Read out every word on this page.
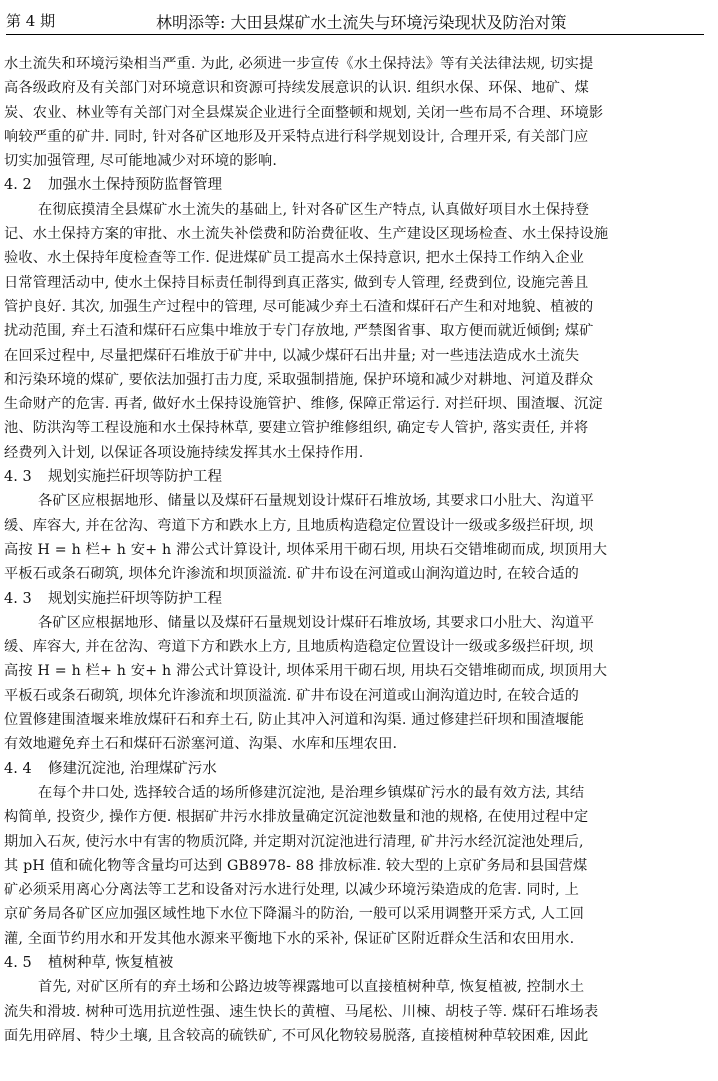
第 4 期	林明添等: 大田县煤矿水土流失与环境污染现状及防治对策
水土流失和环境污染相当严重. 为此, 必须进一步宣传《水土保持法》等有关法律法规, 切实提
高各级政府及有关部门对环境意识和资源可持续发展意识的认识. 组织水保、环保、地矿、煤
炭、农业、林业等有关部门对全县煤炭企业进行全面整顿和规划, 关闭一些布局不合理、环境影
响较严重的矿井. 同时, 针对各矿区地形及开采特点进行科学规划设计, 合理开采, 有关部门应
切实加强管理, 尽可能地减少对环境的影响.
4. 2 加强水土保持预防监督管理
在彻底摸清全县煤矿水土流失的基础上, 针对各矿区生产特点, 认真做好项目水土保持登
记、水土保持方案的审批、水土流失补偿费和防治费征收、生产建设区现场检查、水土保持设施
验收、水土保持年度检查等工作. 促进煤矿员工提高水土保持意识, 把水土保持工作纳入企业
日常管理活动中, 使水土保持目标责任制得到真正落实, 做到专人管理, 经费到位, 设施完善且
管护良好. 其次, 加强生产过程中的管理, 尽可能减少弃土石渣和煤矸石产生和对地貌、植被的
扰动范围, 弃土石渣和煤矸石应集中堆放于专门存放地, 严禁图省事、取方便而就近倾倒; 煤矿
在回采过程中, 尽量把煤矸石堆放于矿井中, 以减少煤矸石出井量; 对一些违法造成水土流失
和污染环境的煤矿, 要依法加强打击力度, 采取强制措施, 保护环境和减少对耕地、河道及群众
生命财产的危害. 再者, 做好水土保持设施管护、维修, 保障正常运行. 对拦矸坝、围渣堰、沉淀
池、防洪沟等工程设施和水土保持林草, 要建立管护维修组织, 确定专人管护, 落实责任, 并将
经费列入计划, 以保证各项设施持续发挥其水土保持作用.
4. 3 规划实施拦矸坝等防护工程
各矿区应根据地形、储量以及煤矸石量规划设计煤矸石堆放场, 其要求口小肚大、沟道平
缓、库容大, 并在岔沟、弯道下方和跌水上方, 且地质构造稳定位置设计一级或多级拦矸坝, 坝
高按 H = h 栏+ h 安+ h 滞公式计算设计, 坝体采用干砌石坝, 用块石交错堆砌而成, 坝顶用大
平板石或条石砌筑, 坝体允许渗流和坝顶溢流. 矿井布设在河道或山涧沟道边时, 在较合适的
4. 3 规划实施拦矸坝等防护工程
各矿区应根据地形、储量以及煤矸石量规划设计煤矸石堆放场, 其要求口小肚大、沟道平
缓、库容大, 并在岔沟、弯道下方和跌水上方, 且地质构造稳定位置设计一级或多级拦矸坝, 坝
高按 H = h 栏+ h 安+ h 滞公式计算设计, 坝体采用干砌石坝, 用块石交错堆砌而成, 坝顶用大
平板石或条石砌筑, 坝体允许渗流和坝顶溢流. 矿井布设在河道或山涧沟道边时, 在较合适的
位置修建围渣堰来堆放煤矸石和弃土石, 防止其冲入河道和沟渠. 通过修建拦矸坝和围渣堰能
有效地避免弃土石和煤矸石淤塞河道、沟渠、水库和压埋农田.
4. 4 修建沉淀池, 治理煤矿污水
在每个井口处, 选择较合适的场所修建沉淀池, 是治理乡镇煤矿污水的最有效方法, 其结
构简单, 投资少, 操作方便. 根据矿井污水排放量确定沉淀池数量和池的规格, 在使用过程中定
期加入石灰, 使污水中有害的物质沉降, 并定期对沉淀池进行清理, 矿井污水经沉淀池处理后,
其 pH 值和硫化物等含量均可达到 GB8978- 88 排放标准. 较大型的上京矿务局和县国营煤
矿必须采用离心分离法等工艺和设备对污水进行处理, 以减少环境污染造成的危害. 同时, 上
京矿务局各矿区应加强区域性地下水位下降漏斗的防治, 一般可以采用调整开采方式, 人工回
灌, 全面节约用水和开发其他水源来平衡地下水的采补, 保证矿区附近群众生活和农田用水.
4. 5 植树种草, 恢复植被
首先, 对矿区所有的弃土场和公路边坡等裸露地可以直接植树种草, 恢复植被, 控制水土
流失和滑坡. 树种可选用抗逆性强、速生快长的黄檀、马尾松、川楝、胡枝子等. 煤矸石堆场表
面先用碎屑、特少土壤, 且含较高的硫铁矿, 不可风化物较易脱落, 直接植树种草较困难, 因此
